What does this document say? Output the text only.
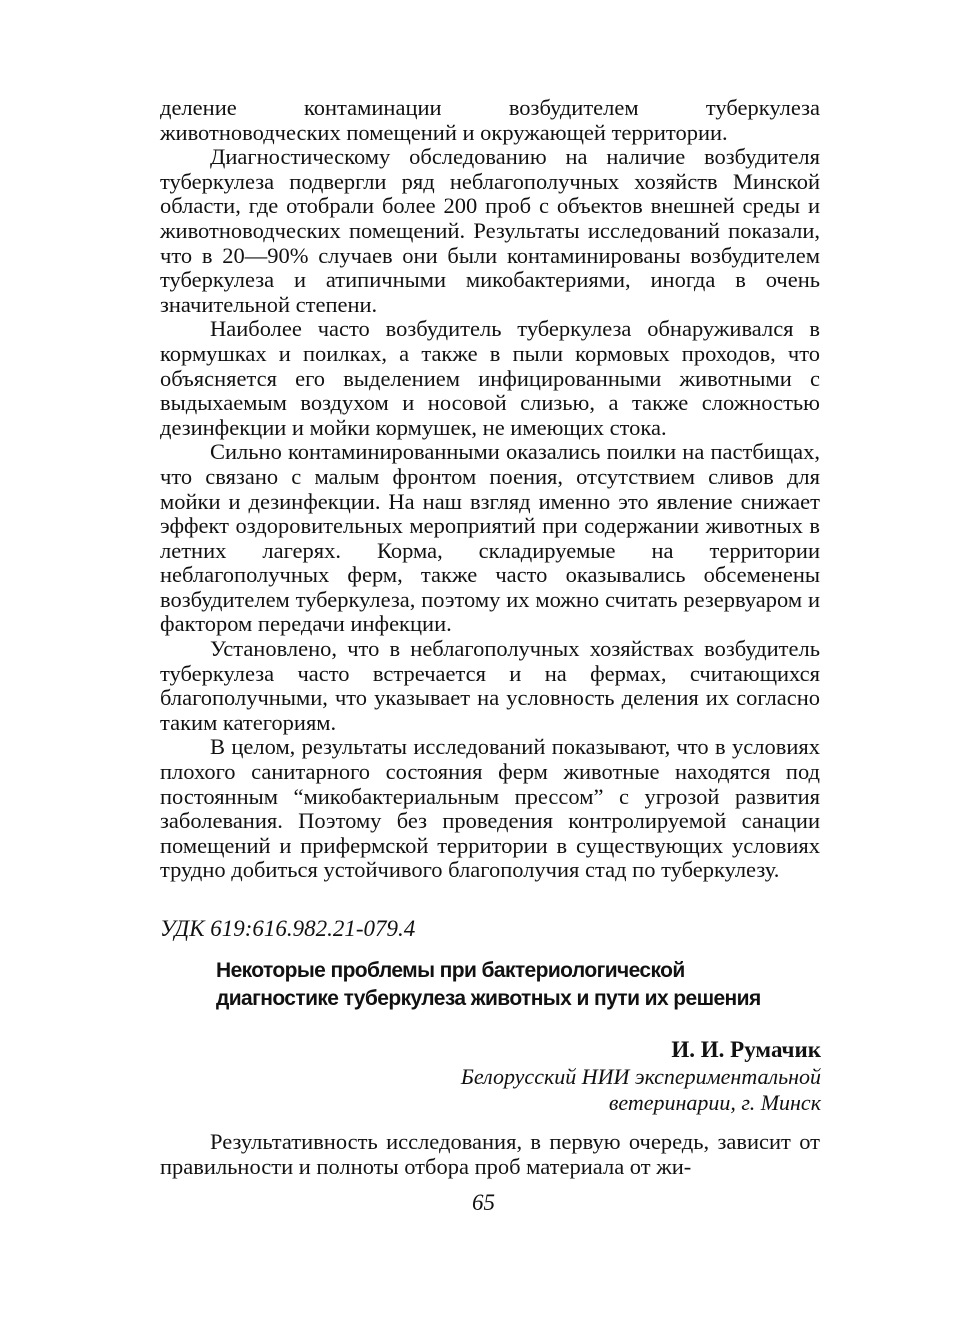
деление контаминации возбудителем туберкулеза животноводческих помещений и окружающей территории.

Диагностическому обследованию на наличие возбудителя туберкулеза подвергли ряд неблагополучных хозяйств Минской области, где отобрали более 200 проб с объектов внешней среды и животноводческих помещений. Результаты исследований показали, что в 20—90% случаев они были контаминированы возбудителем туберкулеза и атипичными микобактериями, иногда в очень значительной степени.

Наиболее часто возбудитель туберкулеза обнаруживался в кормушках и поилках, а также в пыли кормовых проходов, что объясняется его выделением инфицированными животными с выдыхаемым воздухом и носовой слизью, а также сложностью дезинфекции и мойки кормушек, не имеющих стока.

Сильно контаминированными оказались поилки на пастбищах, что связано с малым фронтом поения, отсутствием сливов для мойки и дезинфекции. На наш взгляд именно это явление снижает эффект оздоровительных мероприятий при содержании животных в летних лагерях. Корма, складируемые на территории неблагополучных ферм, также часто оказывались обсеменены возбудителем туберкулеза, поэтому их можно считать резервуаром и фактором передачи инфекции.

Установлено, что в неблагополучных хозяйствах возбудитель туберкулеза часто встречается и на фермах, считающихся благополучными, что указывает на условность деления их согласно таким категориям.

В целом, результаты исследований показывают, что в условиях плохого санитарного состояния ферм животные находятся под постоянным “микобактериальным прессом” с угрозой развития заболевания. Поэтому без проведения контролируемой санации помещений и прифермской территории в существующих условиях трудно добиться устойчивого благополучия стад по туберкулезу.

УДК 619:616.982.21-079.4
Некоторые проблемы при бактериологической
диагностике туберкулеза животных и пути их решения
И. И. Румачик
Белорусский НИИ экспериментальной
ветеринарии, г. Минск

Результативность исследования, в первую очередь, зависит от правильности и полноты отбора проб материала от жи-

65
